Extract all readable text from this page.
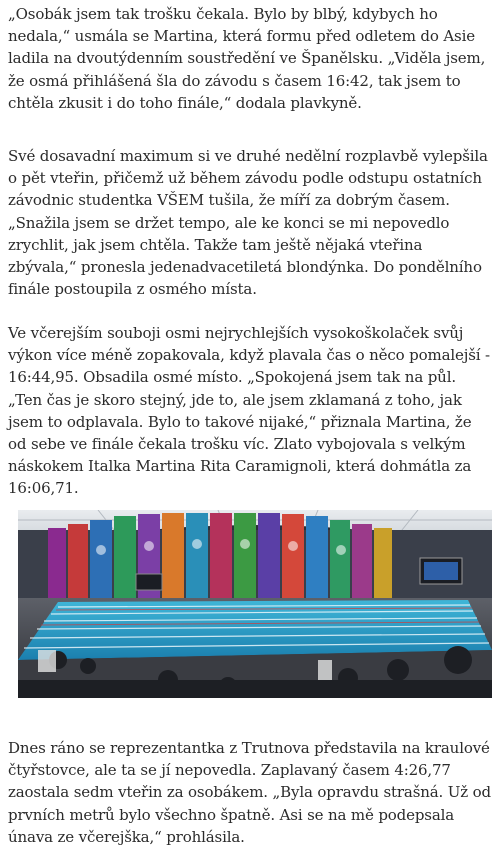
„Osobák jsem tak trošku čekala. Bylo by blbý, kdybych ho nedala,“ usmála se Martina, která formu před odletem do Asie ladila na dvoutýdenním soustředění ve Španělsku. „Viděla jsem, že osmá přihlášená šla do závodu s časem 16:42, tak jsem to chtěla zkusit i do toho finále,“ dodala plavkyně.

Své dosavadní maximum si ve druhé nedělní rozplavbě vylepšila o pět vteřin, přičemž už během závodu podle odstupu ostatních závodnic studentka VŠEM tušila, že míří za dobrým časem. „Snažila jsem se držet tempo, ale ke konci se mi nepovedlo zrychlit, jak jsem chtěla. Takže tam ještě nějaká vteřina zbývala,“ pronesla jedenadvacetiletá blondýnka. Do pondělního finále postoupila z osmého místa.

Ve včerejším souboji osmi nejrychlejších vysokoškolaček svůj výkon více méně zopakovala, když plavala čas o něco pomalejší - 16:44,95. Obsadila osmé místo. „Spokojená jsem tak na půl. „Ten čas je skoro stejný, jde to, ale jsem zklamaná z toho, jak jsem to odplavala. Bylo to takové nijaké,“ přiznala Martina, že od sebe ve finále čekala trošku víc. Zlato vybojovala s velkým náskokem Italka Martina Rita Caramignoli, která dohmátla za 16:06,71.

Dnes ráno se reprezentantka z Trutnova představila na kraulové čtyřstovce, ale ta se jí nepovedla. Zaplavaný časem 4:26,77 zaostala sedm vteřin za osobákem. „Byla opravdu strašná. Už od prvních metrů bylo všechno špatně. Asi se na mě podepsala únava ze včerejška,“ prohlásila.
